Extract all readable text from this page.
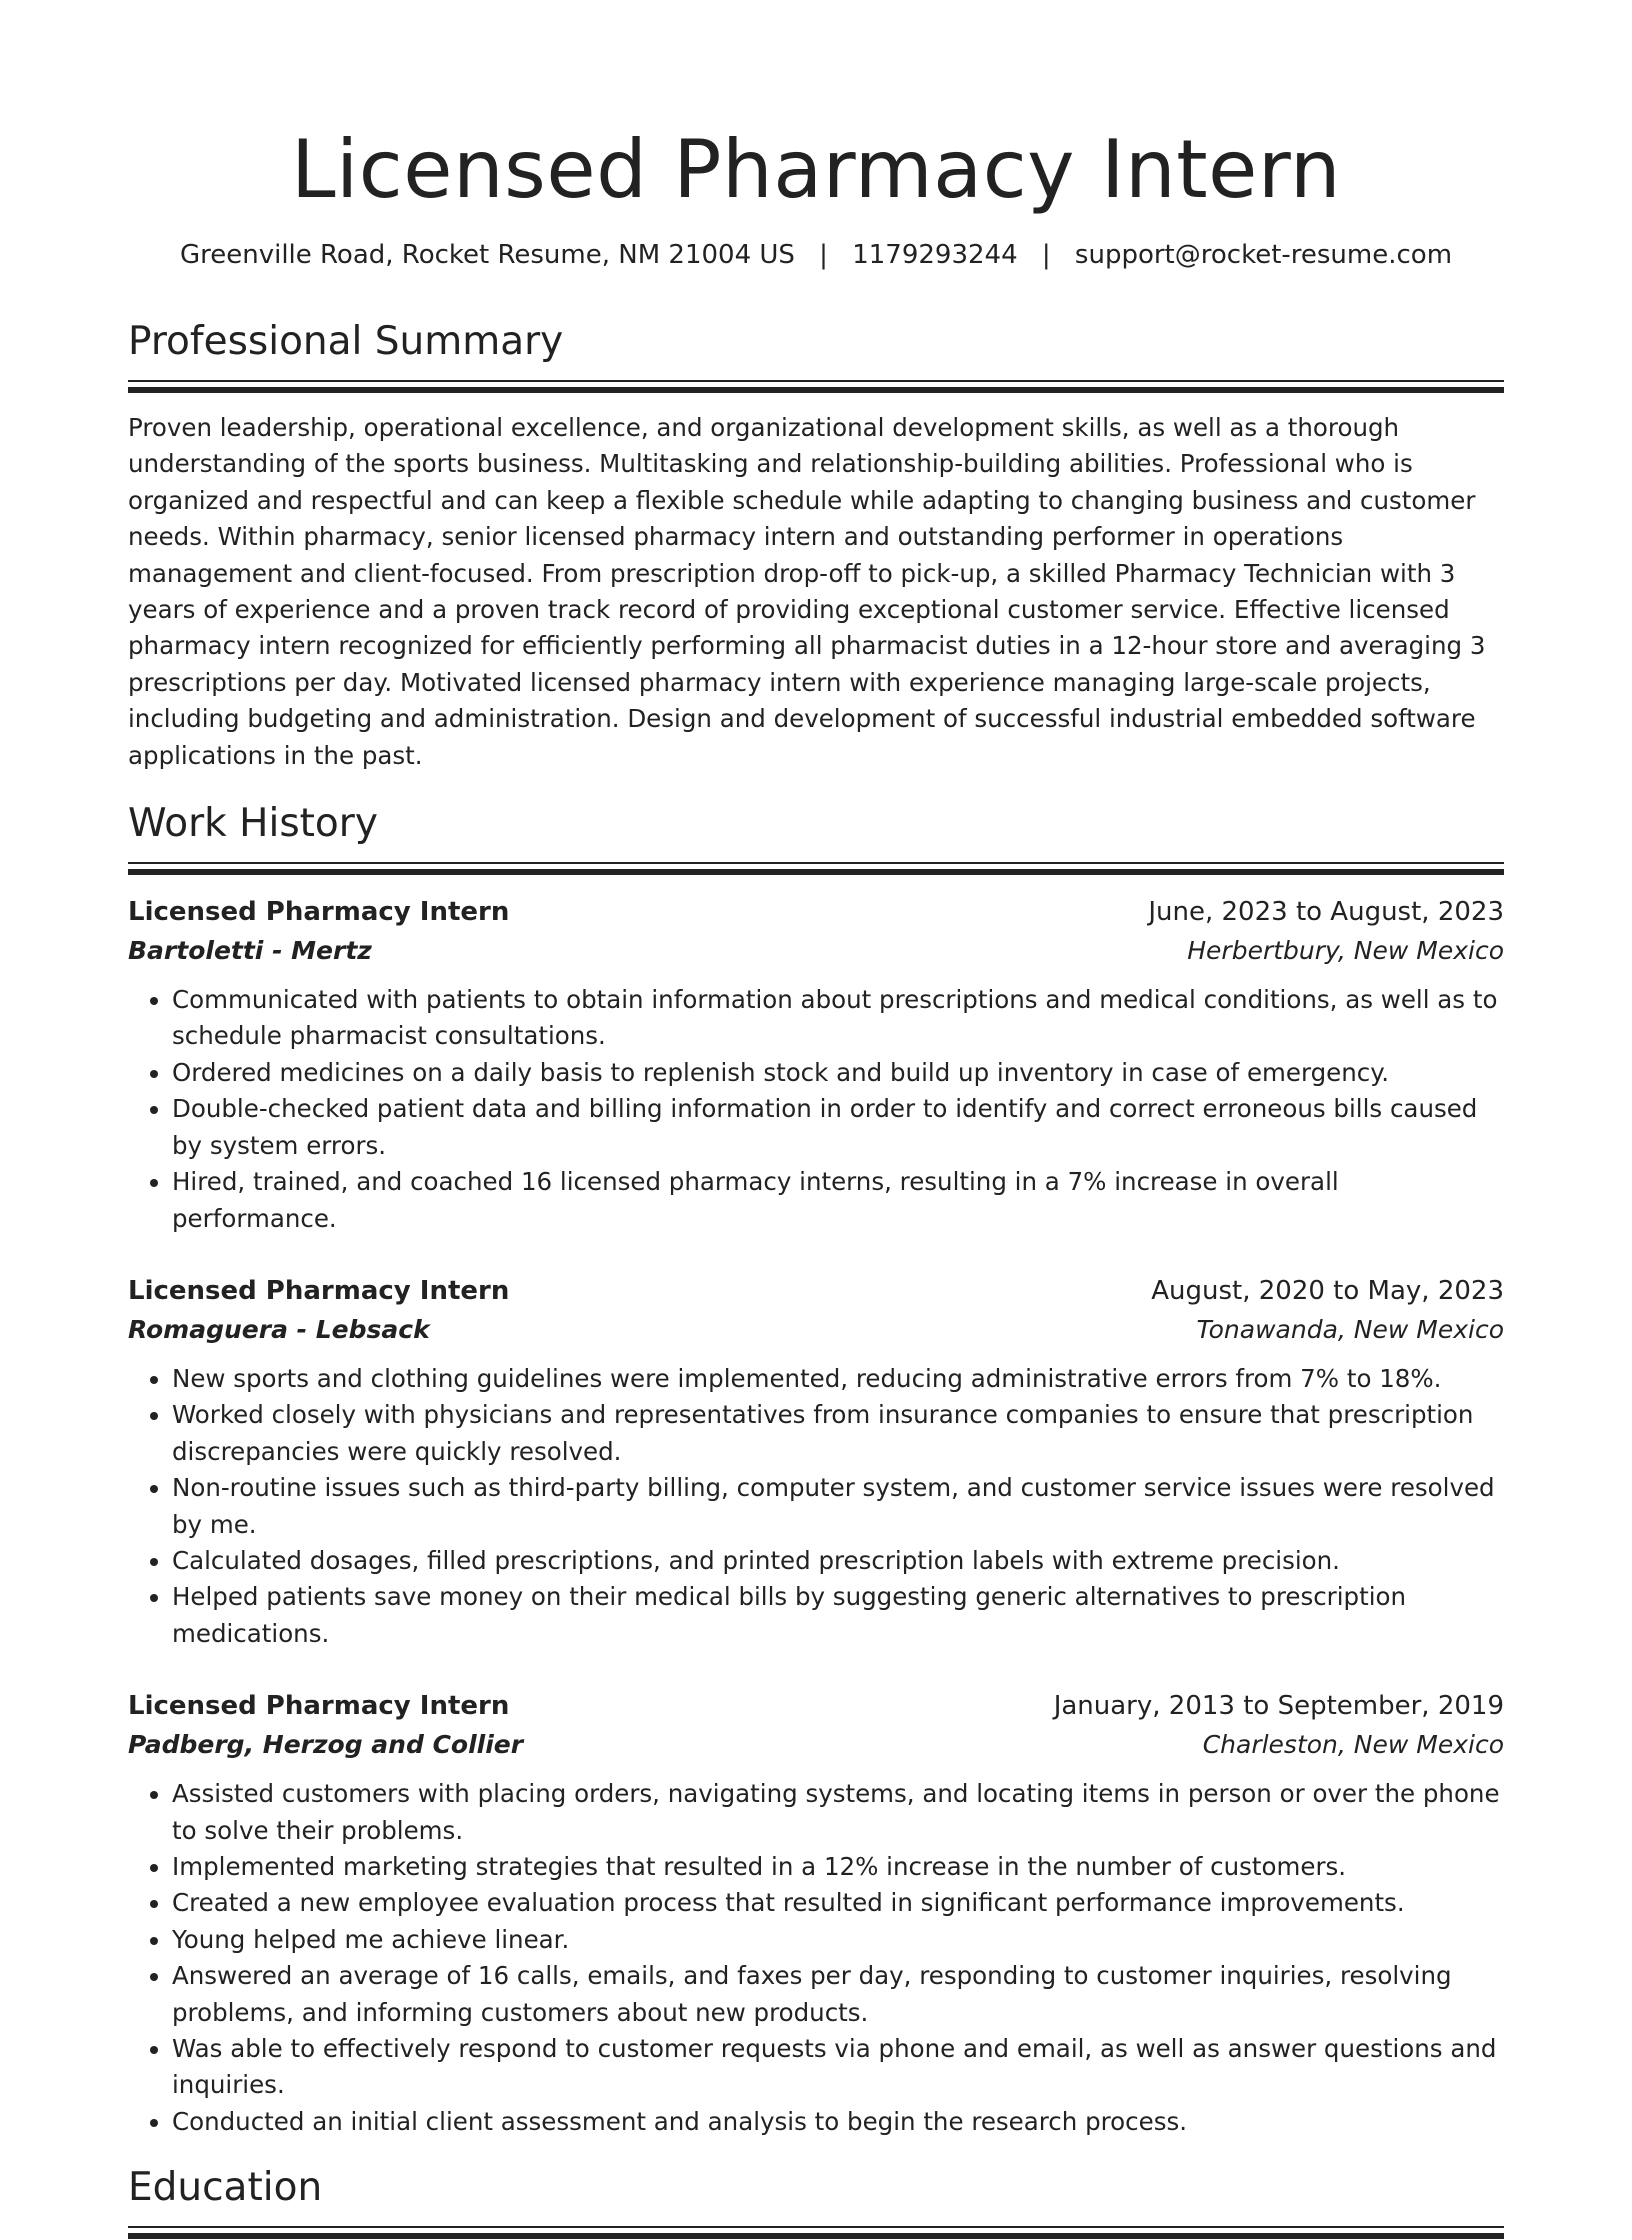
Licensed Pharmacy Intern
Greenville Road, Rocket Resume, NM 21004 US | 1179293244 | support@rocket-resume.com
Professional Summary

Proven leadership, operational excellence, and organizational development skills, as well as a thorough understanding of the sports business. Multitasking and relationship-building abilities. Professional who is organized and respectful and can keep a flexible schedule while adapting to changing business and customer needs. Within pharmacy, senior licensed pharmacy intern and outstanding performer in operations management and client-focused. From prescription drop-off to pick-up, a skilled Pharmacy Technician with 3 years of experience and a proven track record of providing exceptional customer service. Effective licensed pharmacy intern recognized for efficiently performing all pharmacist duties in a 12-hour store and averaging 3 prescriptions per day. Motivated licensed pharmacy intern with experience managing large-scale projects, including budgeting and administration. Design and development of successful industrial embedded software applications in the past.

Work History
Licensed Pharmacy Intern	June, 2023 to August, 2023
Bartoletti - Mertz	Herbertbury, New Mexico
• Communicated with patients to obtain information about prescriptions and medical conditions, as well as to schedule pharmacist consultations.
• Ordered medicines on a daily basis to replenish stock and build up inventory in case of emergency.
• Double-checked patient data and billing information in order to identify and correct erroneous bills caused by system errors.
• Hired, trained, and coached 16 licensed pharmacy interns, resulting in a 7% increase in overall performance.
Licensed Pharmacy Intern	August, 2020 to May, 2023
Romaguera - Lebsack	Tonawanda, New Mexico
• New sports and clothing guidelines were implemented, reducing administrative errors from 7% to 18%.
• Worked closely with physicians and representatives from insurance companies to ensure that prescription discrepancies were quickly resolved.
• Non-routine issues such as third-party billing, computer system, and customer service issues were resolved by me.
• Calculated dosages, filled prescriptions, and printed prescription labels with extreme precision.
• Helped patients save money on their medical bills by suggesting generic alternatives to prescription medications.
Licensed Pharmacy Intern	January, 2013 to September, 2019
Padberg, Herzog and Collier	Charleston, New Mexico
• Assisted customers with placing orders, navigating systems, and locating items in person or over the phone to solve their problems.
• Implemented marketing strategies that resulted in a 12% increase in the number of customers.
• Created a new employee evaluation process that resulted in significant performance improvements.
• Young helped me achieve linear.
• Answered an average of 16 calls, emails, and faxes per day, responding to customer inquiries, resolving problems, and informing customers about new products.
• Was able to effectively respond to customer requests via phone and email, as well as answer questions and inquiries.
• Conducted an initial client assessment and analysis to begin the research process.
Education
